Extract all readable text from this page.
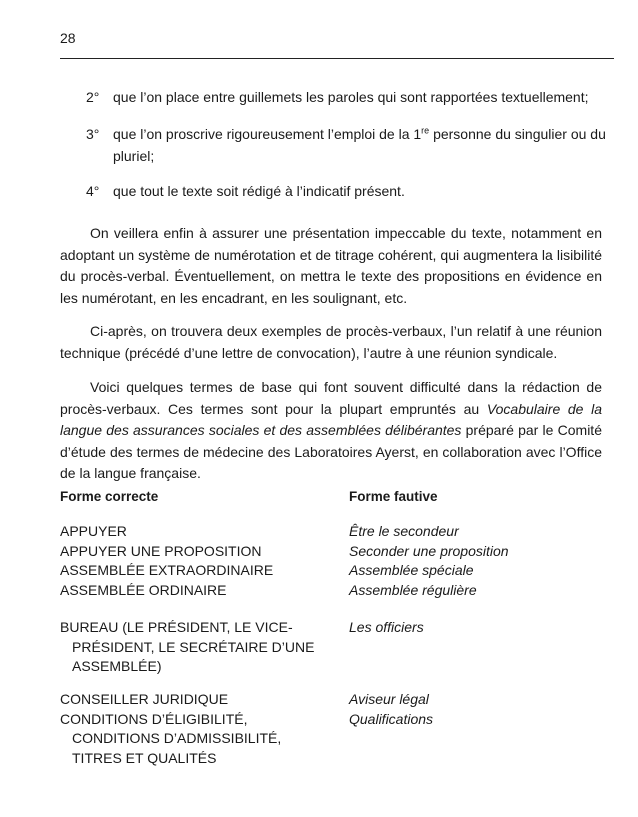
28
2° que l’on place entre guillemets les paroles qui sont rapportées textuellement;
3° que l’on proscrive rigoureusement l’emploi de la 1re personne du singulier ou du pluriel;
4° que tout le texte soit rédigé à l’indicatif présent.

On veillera enfin à assurer une présentation impeccable du texte, notamment en adoptant un système de numérotation et de titrage cohérent, qui augmentera la lisibilité du procès-verbal. Éventuellement, on mettra le texte des propositions en évidence en les numérotant, en les encadrant, en les soulignant, etc.

Ci-après, on trouvera deux exemples de procès-verbaux, l’un relatif à une réunion technique (précédé d’une lettre de convocation), l’autre à une réunion syndicale.

Voici quelques termes de base qui font souvent difficulté dans la rédaction de procès-verbaux. Ces termes sont pour la plupart empruntés au Vocabulaire de la langue des assurances sociales et des assemblées délibérantes préparé par le Comité d’étude des termes de médecine des Laboratoires Ayerst, en collaboration avec l’Office de la langue française.

Forme correcte	Forme fautive
APPUYER
APPUYER UNE PROPOSITION
ASSEMBLÉE EXTRAORDINAIRE
ASSEMBLÉE ORDINAIRE
Être le secondeur
Seconder une proposition
Assemblée spéciale
Assemblée régulière
BUREAU (LE PRÉSIDENT, LE VICE-
PRÉSIDENT, LE SECRÉTAIRE D’UNE
ASSEMBLÉE)
Les officiers
CONSEILLER JURIDIQUE
CONDITIONS D’ÉLIGIBILITÉ,
CONDITIONS D’ADMISSIBILITÉ,
TITRES ET QUALITÉS
Aviseur légal
Qualifications
